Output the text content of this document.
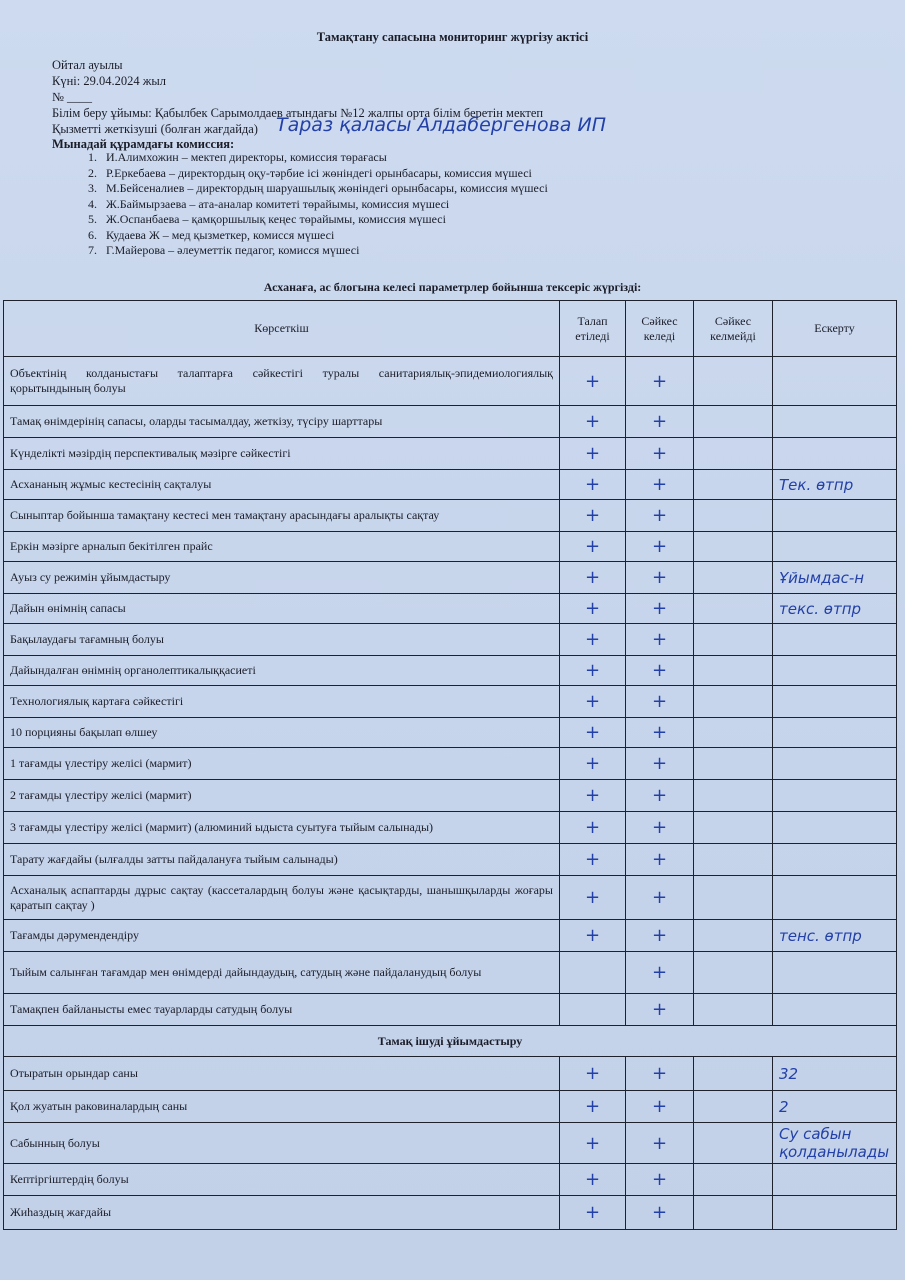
Тамақтану сапасына мониторинг жүргізу актісі
Ойтал ауылы
Күні: 29.04.2024 жыл
№ ____
Білім беру ұйымы: Қабылбек Сарымолдаев атындағы №12 жалпы орта білім беретін мектеп
Қызметті жеткізуші (болған жағдайда) Тараз қаласы Алдабергенова ИП
Мынадай құрамдағы комиссия:
1. И.Алимхожин – мектеп директоры, комиссия төрағасы
2. Р.Еркебаева – директордың оқу-тәрбие ісі жөніндегі орынбасары, комиссия мүшесі
3. М.Бейсеналиев – директордың шаруашылық жөніндегі орынбасары, комиссия мүшесі
4. Ж.Баймырзаева – ата-аналар комитеті төрайымы, комиссия мүшесі
5. Ж.Оспанбаева – қамқоршылық кеңес төрайымы, комиссия мүшесі
6. Кудаева Ж – мед қызметкер, комисся мүшесі
7. Г.Майерова – әлеуметтік педагог, комисся мүшесі
Асханаға, ас блогына келесі параметрлер бойынша тексеріс жүргізді:
Көрсеткіш	Талап етіледі	Сәйкес келеді	Сәйкес келмейді	Ескерту
Объектінің колданыстағы талаптарға сәйкестігі туралы санитариялық-эпидемиологиялық қорытындының болуы	+	+		
Тамақ өнімдерінің сапасы, оларды тасымалдау, жеткізу, түсіру шарттары	+	+		
Күнделікті мәзірдің перспективалық мәзірге сәйкестігі	+	+		
Асхананың жұмыс кестесінің сақталуы	+	+		Тек. өтпр
Сыныптар бойынша тамақтану кестесі мен тамақтану арасындағы аралықты сақтау	+	+		
Еркін мәзірге арналып бекітілген прайс	+	+		
Ауыз су режимін ұйымдастыру	+	+		Ұйымдас-н
Дайын өнімнің сапасы	+	+		текс. өтпр
Бақылаудағы тағамның болуы	+	+		
Дайындалған өнімнің органолептикалыққасиеті	+	+		
Технологиялық картаға сәйкестігі	+	+		
10 порцияны бақылап өлшеу	+	+		
1 тағамды үлестіру желісі (мармит)	+	+		
2 тағамды үлестіру желісі (мармит)	+	+		
3 тағамды үлестіру желісі (мармит) (алюминий ыдыста суытуға тыйым салынады)	+	+		
Тарату жағдайы (ылғалды затты пайдалануға тыйым салынады)	+	+		
Асханалық аспаптарды дұрыс сақтау (кассеталардың болуы және қасықтарды, шанышқыларды жоғары қаратып сақтау )	+	+		
Тағамды дәрумендендіру	+	+		тенс. өтпр
Тыйым салынған тағамдар мен өнімдерді дайындаудың, сатудың және пайдаланудың болуы		+		
Тамақпен байланысты емес тауарларды сатудың болуы		+		
Тамақ ішуді ұйымдастыру				
Отыратын орындар саны	+	+		32
Қол жуатын раковиналардың саны	+	+		2
Сабынның болуы	+	+		Су сабын қолданылады
Кептіргіштердің болуы	+	+		
Жиһаздың жағдайы	+	+		
